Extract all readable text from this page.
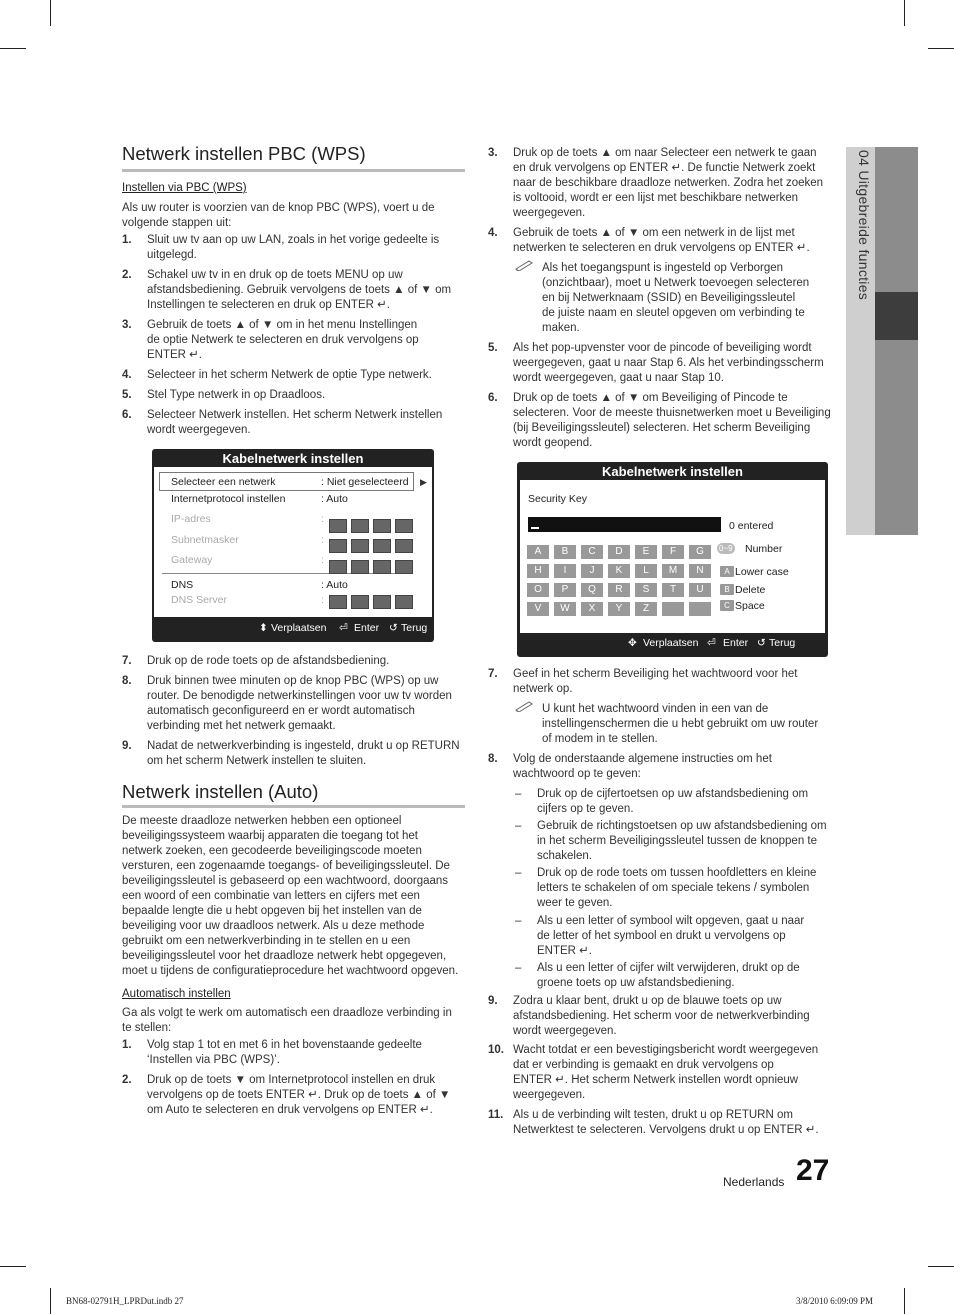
04 Uitgebreide functies
Netwerk instellen PBC (WPS)
Instellen via PBC (WPS)
Als uw router is voorzien van de knop PBC (WPS), voert u de
volgende stappen uit:
1. Sluit uw tv aan op uw LAN, zoals in het vorige gedeelte is
uitgelegd.
2. Schakel uw tv in en druk op de toets MENU op uw
afstandsbediening. Gebruik vervolgens de toets ▲ of ▼ om
Instellingen te selecteren en druk op ENTER ↵.
3. Gebruik de toets ▲ of ▼ om in het menu Instellingen
de optie Netwerk te selecteren en druk vervolgens op
ENTER ↵.
4. Selecteer in het scherm Netwerk de optie Type netwerk.
5. Stel Type netwerk in op Draadloos.
6. Selecteer Netwerk instellen. Het scherm Netwerk instellen
wordt weergegeven.
Kabelnetwerk instellen
▶
Selecteer een netwerk	: Niet geselecteerd
Internetprotocol instellen	: Auto
IP-adres	:
Subnetmasker	:
Gateway	:
DNS	: Auto
DNS Server	:
⬍ Verplaatsen ⏎ Enter ↺ Terug
7. Druk op de rode toets op de afstandsbediening.
8. Druk binnen twee minuten op de knop PBC (WPS) op uw
router. De benodigde netwerkinstellingen voor uw tv worden
automatisch geconfigureerd en er wordt automatisch
verbinding met het netwerk gemaakt.
9. Nadat de netwerkverbinding is ingesteld, drukt u op RETURN
om het scherm Netwerk instellen te sluiten.
Netwerk instellen (Auto)
De meeste draadloze netwerken hebben een optioneel
beveiligingssysteem waarbij apparaten die toegang tot het
netwerk zoeken, een gecodeerde beveiligingscode moeten
versturen, een zogenaamde toegangs- of beveiligingssleutel. De
beveiligingssleutel is gebaseerd op een wachtwoord, doorgaans
een woord of een combinatie van letters en cijfers met een
bepaalde lengte die u hebt opgeven bij het instellen van de
beveiliging voor uw draadloos netwerk. Als u deze methode
gebruikt om een netwerkverbinding in te stellen en u een
beveiligingssleutel voor het draadloze netwerk hebt opgegeven,
moet u tijdens de configuratieprocedure het wachtwoord opgeven.
Automatisch instellen
Ga als volgt te werk om automatisch een draadloze verbinding in
te stellen:
1. Volg stap 1 tot en met 6 in het bovenstaande gedeelte
‘Instellen via PBC (WPS)’.
2. Druk op de toets ▼ om Internetprotocol instellen en druk
vervolgens op de toets ENTER ↵. Druk op de toets ▲ of ▼
om Auto te selecteren en druk vervolgens op ENTER ↵.
3. Druk op de toets ▲ om naar Selecteer een netwerk te gaan
en druk vervolgens op ENTER ↵. De functie Netwerk zoekt
naar de beschikbare draadloze netwerken. Zodra het zoeken
is voltooid, wordt er een lijst met beschikbare netwerken
weergegeven.
4. Gebruik de toets ▲ of ▼ om een netwerk in de lijst met
netwerken te selecteren en druk vervolgens op ENTER ↵.
Als het toegangspunt is ingesteld op Verborgen
(onzichtbaar), moet u Netwerk toevoegen selecteren
en bij Netwerknaam (SSID) en Beveiligingssleutel
de juiste naam en sleutel opgeven om verbinding te
maken.
5. Als het pop-upvenster voor de pincode of beveiliging wordt
weergegeven, gaat u naar Stap 6. Als het verbindingsscherm
wordt weergegeven, gaat u naar Stap 10.
6. Druk op de toets ▲ of ▼ om Beveiliging of Pincode te
selecteren. Voor de meeste thuisnetwerken moet u Beveiliging
(bij Beveiligingssleutel) selecteren. Het scherm Beveiliging
wordt geopend.
Kabelnetwerk instellen
Security Key
0 entered
A	B	C	D	E	F	G
H	I	J	K	L	M	N
O	P	Q	R	S	T	U
V	W	X	Y	Z
0~9 Number
A Lower case
B Delete
C Space
✥ Verplaatsen ⏎ Enter ↺ Terug
7. Geef in het scherm Beveiliging het wachtwoord voor het
netwerk op.
U kunt het wachtwoord vinden in een van de
instellingenschermen die u hebt gebruikt om uw router
of modem in te stellen.
8. Volg de onderstaande algemene instructies om het
wachtwoord op te geven:
– Druk op de cijfertoetsen op uw afstandsbediening om
cijfers op te geven.
– Gebruik de richtingstoetsen op uw afstandsbediening om
in het scherm Beveiligingssleutel tussen de knoppen te
schakelen.
– Druk op de rode toets om tussen hoofdletters en kleine
letters te schakelen of om speciale tekens / symbolen
weer te geven.
– Als u een letter of symbool wilt opgeven, gaat u naar
de letter of het symbool en drukt u vervolgens op
ENTER ↵.
– Als u een letter of cijfer wilt verwijderen, drukt op de
groene toets op uw afstandsbediening.
9. Zodra u klaar bent, drukt u op de blauwe toets op uw
afstandsbediening. Het scherm voor de netwerkverbinding
wordt weergegeven.
10. Wacht totdat er een bevestigingsbericht wordt weergegeven
dat er verbinding is gemaakt en druk vervolgens op
ENTER ↵. Het scherm Netwerk instellen wordt opnieuw
weergegeven.
11. Als u de verbinding wilt testen, drukt u op RETURN om
Netwerktest te selecteren. Vervolgens drukt u op ENTER ↵.
Nederlands 27
BN68-02791H_LPRDut.indb 27	3/8/2010 6:09:09 PM
